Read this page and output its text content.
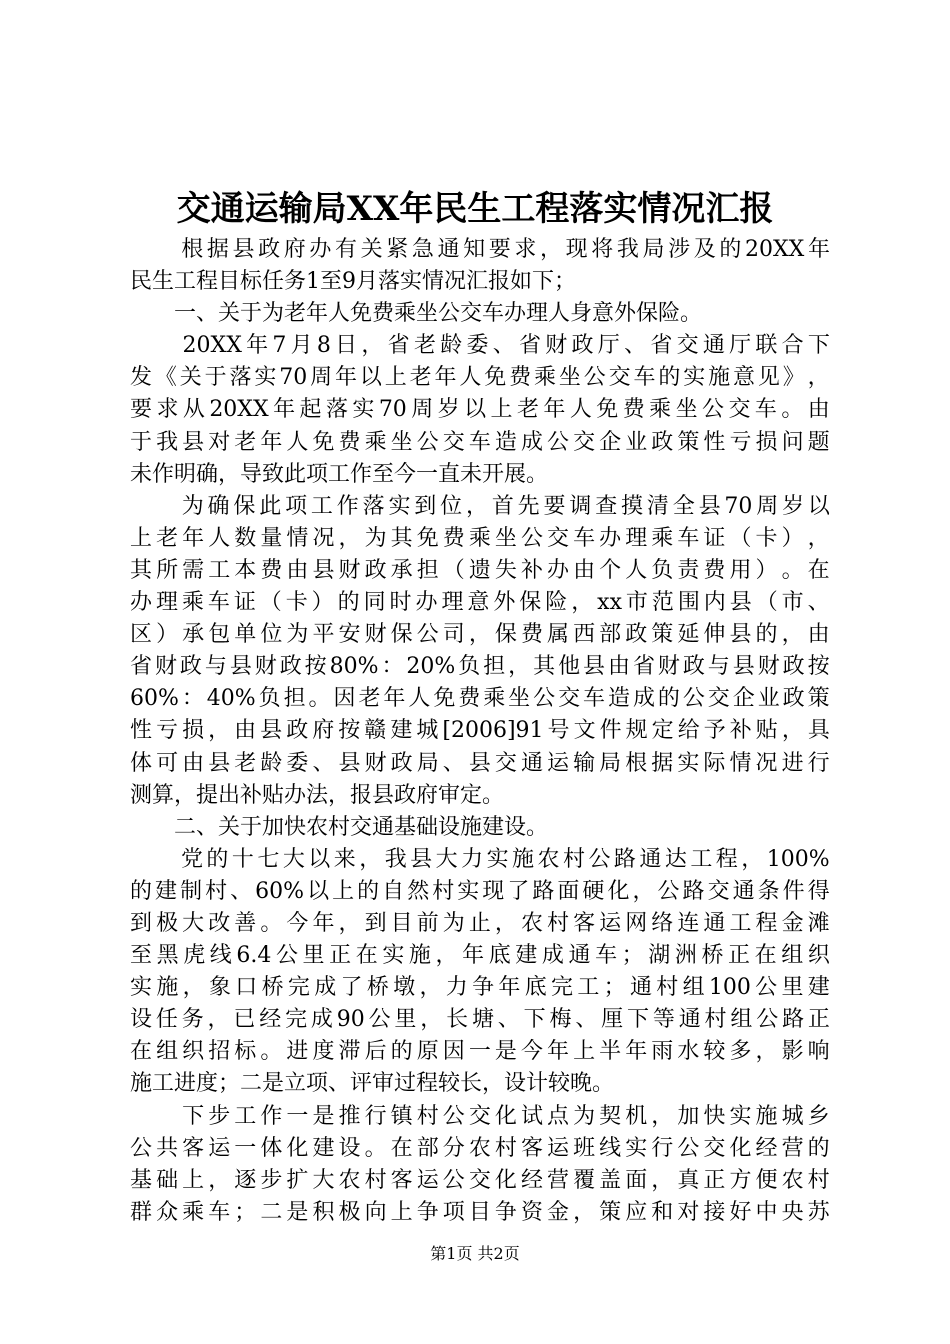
交通运输局XX年民生工程落实情况汇报

根 据 县 政 府 办 有 关 紧 急 通 知 要 求 ， 现 将 我 局 涉 及 的 20XX 年
民生工程目标任务1至9月落实情况汇报如下；
　　一、关于为老年人免费乘坐公交车办理人身意外保险。

20XX 年 7 月 8 日 ， 省 老 龄 委 、 省 财 政 厅 、 省 交 通 厅 联 合 下
发 《 关 于 落 实 70 周 年 以 上 老 年 人 免 费 乘 坐 公 交 车 的 实 施 意 见 》 ，
要 求 从 20XX 年 起 落 实 70 周 岁 以 上 老 年 人 免 费 乘 坐 公 交 车 。 由
于 我 县 对 老 年 人 免 费 乘 坐 公 交 车 造 成 公 交 企 业 政 策 性 亏 损 问 题
未作明确，导致此项工作至今一直未开展。

为 确 保 此 项 工 作 落 实 到 位 ， 首 先 要 调 查 摸 清 全 县 70 周 岁 以
上 老 年 人 数 量 情 况 ， 为 其 免 费 乘 坐 公 交 车 办 理 乘 车 证 （ 卡 ） ，
其 所 需 工 本 费 由 县 财 政 承 担 （ 遗 失 补 办 由 个 人 负 责 费 用 ） 。 在
办 理 乘 车 证 （ 卡 ） 的 同 时 办 理 意 外 保 险 ， xx 市 范 围 内 县 （ 市 、
区 ） 承 包 单 位 为 平 安 财 保 公 司 ， 保 费 属 西 部 政 策 延 伸 县 的 ， 由
省 财 政 与 县 财 政 按 80% ： 20% 负 担 ， 其 他 县 由 省 财 政 与 县 财 政 按
60% ： 40% 负 担 。 因 老 年 人 免 费 乘 坐 公 交 车 造 成 的 公 交 企 业 政 策
性 亏 损 ， 由 县 政 府 按 赣 建 城 [2006]91 号 文 件 规 定 给 予 补 贴 ， 具
体 可 由 县 老 龄 委 、 县 财 政 局 、 县 交 通 运 输 局 根 据 实 际 情 况 进 行
测算，提出补贴办法，报县政府审定。
　　二、关于加快农村交通基础设施建设。

党 的 十 七 大 以 来 ， 我 县 大 力 实 施 农 村 公 路 通 达 工 程 ， 100%
的 建 制 村 、 60% 以 上 的 自 然 村 实 现 了 路 面 硬 化 ， 公 路 交 通 条 件 得
到 极 大 改 善 。 今 年 ， 到 目 前 为 止 ， 农 村 客 运 网 络 连 通 工 程 金 滩
至 黑 虎 线 6.4 公 里 正 在 实 施 ， 年 底 建 成 通 车 ； 湖 洲 桥 正 在 组 织
实 施 ， 象 口 桥 完 成 了 桥 墩 ， 力 争 年 底 完 工 ； 通 村 组 100 公 里 建
设 任 务 ， 已 经 完 成 90 公 里 ， 长 塘 、 下 梅 、 厘 下 等 通 村 组 公 路 正
在 组 织 招 标 。 进 度 滞 后 的 原 因 一 是 今 年 上 半 年 雨 水 较 多 ， 影 响
施工进度；二是立项、评审过程较长，设计较晚。

下 步 工 作 一 是 推 行 镇 村 公 交 化 试 点 为 契 机 ， 加 快 实 施 城 乡
公 共 客 运 一 体 化 建 设 。 在 部 分 农 村 客 运 班 线 实 行 公 交 化 经 营 的
基 础 上 ， 逐 步 扩 大 农 村 客 运 公 交 化 经 营 覆 盖 面 ， 真 正 方 便 农 村
群 众 乘 车 ； 二 是 积 极 向 上 争 项 目 争 资 金 ， 策 应 和 对 接 好 中 央 苏
第1页 共2页
